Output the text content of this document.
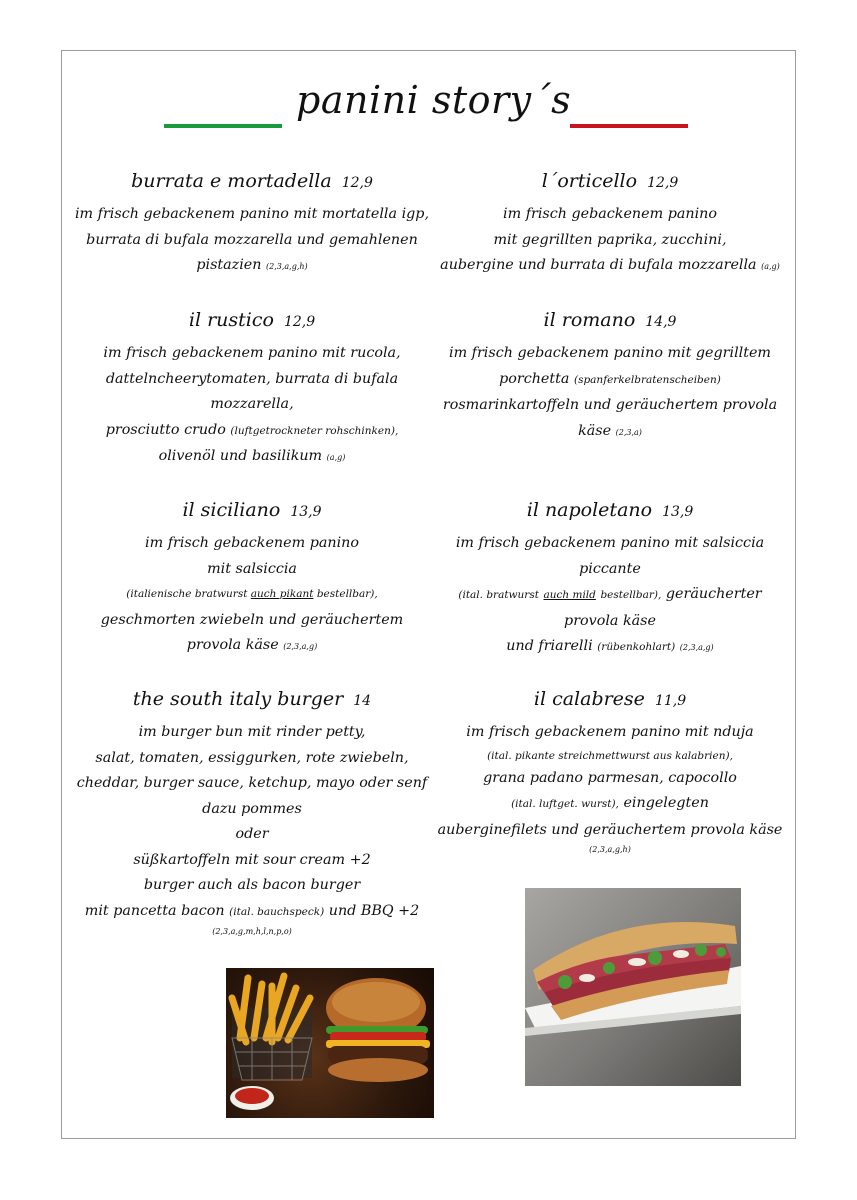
panini story´s
burrata e mortadella 12,9
im frisch gebackenem panino mit mortatella igp,
burrata di bufala mozzarella und gemahlenen
pistazien (2,3,a,g,h)
il rustico 12,9
im frisch gebackenem panino mit rucola,
dattelncheerytomaten, burrata di bufala
mozzarella,
prosciutto crudo (luftgetrockneter rohschinken),
olivenöl und basilikum (a,g)
il siciliano 13,9
im frisch gebackenem panino
mit salsiccia
(italienische bratwurst auch pikant bestellbar),
geschmorten zwiebeln und geräuchertem
provola käse (2,3,a,g)
the south italy burger 14
im burger bun mit rinder petty,
salat, tomaten, essiggurken, rote zwiebeln,
cheddar, burger sauce, ketchup, mayo oder senf
dazu pommes
oder
süßkartoffeln mit sour cream +2
burger auch als bacon burger
mit pancetta bacon (ital. bauchspeck) und BBQ +2
(2,3,a,g,m,h,l,n,p,o)
l´orticello 12,9
im frisch gebackenem panino
mit gegrillten paprika, zucchini,
aubergine und burrata di bufala mozzarella (a,g)
il romano 14,9
im frisch gebackenem panino mit gegrilltem
porchetta (spanferkelbratenscheiben)
rosmarinkartoffeln und geräuchertem provola
käse (2,3,a)
il napoletano 13,9
im frisch gebackenem panino mit salsiccia
piccante
(ital. bratwurst auch mild bestellbar), geräucherter
provola käse
und friarelli (rübenkohlart) (2,3,a,g)
il calabrese 11,9
im frisch gebackenem panino mit nduja
(ital. pikante streichmettwurst aus kalabrien),
grana padano parmesan, capocollo
(ital. luftget. wurst), eingelegten
auberginefilets und geräuchertem provola käse
(2,3,a,g,h)
